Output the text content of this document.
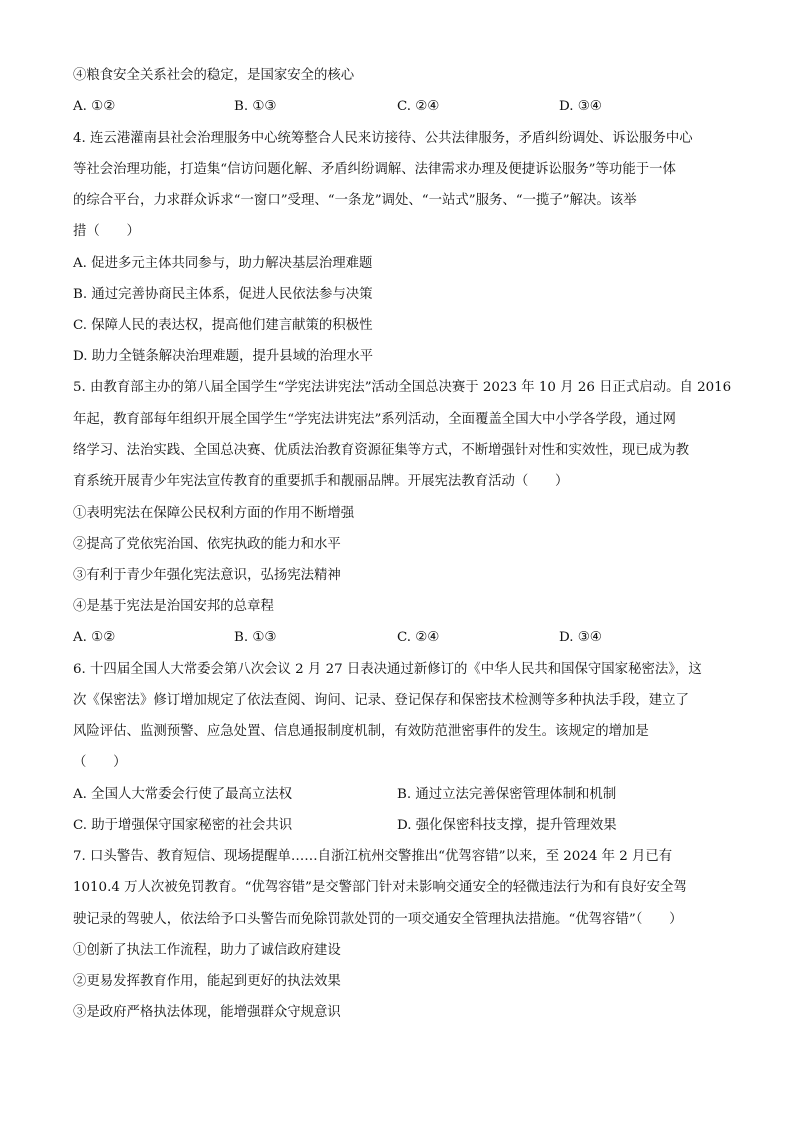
④粮食安全关系社会的稳定，是国家安全的核心
A. ①②	B. ①③	C. ②④	D. ③④
4. 连云港灌南县社会治理服务中心统筹整合人民来访接待、公共法律服务，矛盾纠纷调处、诉讼服务中心
等社会治理功能，打造集“信访问题化解、矛盾纠纷调解、法律需求办理及便捷诉讼服务”等功能于一体
的综合平台，力求群众诉求“一窗口”受理、“一条龙”调处、“一站式”服务、“一揽子”解决。该举
措（　　）
A. 促进多元主体共同参与，助力解决基层治理难题
B. 通过完善协商民主体系，促进人民依法参与决策
C. 保障人民的表达权，提高他们建言献策的积极性
D. 助力全链条解决治理难题，提升县域的治理水平
5. 由教育部主办的第八届全国学生“学宪法讲宪法”活动全国总决赛于 2023 年 10 月 26 日正式启动。自 2016
年起，教育部每年组织开展全国学生“学宪法讲宪法”系列活动，全面覆盖全国大中小学各学段，通过网
络学习、法治实践、全国总决赛、优质法治教育资源征集等方式，不断增强针对性和实效性，现已成为教
育系统开展青少年宪法宣传教育的重要抓手和靓丽品牌。开展宪法教育活动（　　）
①表明宪法在保障公民权利方面的作用不断增强
②提高了党依宪治国、依宪执政的能力和水平
③有利于青少年强化宪法意识，弘扬宪法精神
④是基于宪法是治国安邦的总章程
A. ①②	B. ①③	C. ②④	D. ③④
6. 十四届全国人大常委会第八次会议 2 月 27 日表决通过新修订的《中华人民共和国保守国家秘密法》，这
次《保密法》修订增加规定了依法查阅、询问、记录、登记保存和保密技术检测等多种执法手段，建立了
风险评估、监测预警、应急处置、信息通报制度机制，有效防范泄密事件的发生。该规定的增加是
（　　）
A. 全国人大常委会行使了最高立法权	B. 通过立法完善保密管理体制和机制
C. 助于增强保守国家秘密的社会共识	D. 强化保密科技支撑，提升管理效果
7. 口头警告、教育短信、现场提醒单……自浙江杭州交警推出“优驾容错”以来，至 2024 年 2 月已有
1010.4 万人次被免罚教育。“优驾容错”是交警部门针对未影响交通安全的轻微违法行为和有良好安全驾
驶记录的驾驶人，依法给予口头警告而免除罚款处罚的一项交通安全管理执法措施。“优驾容错”（　　）
①创新了执法工作流程，助力了诚信政府建设
②更易发挥教育作用，能起到更好的执法效果
③是政府严格执法体现，能增强群众守规意识
